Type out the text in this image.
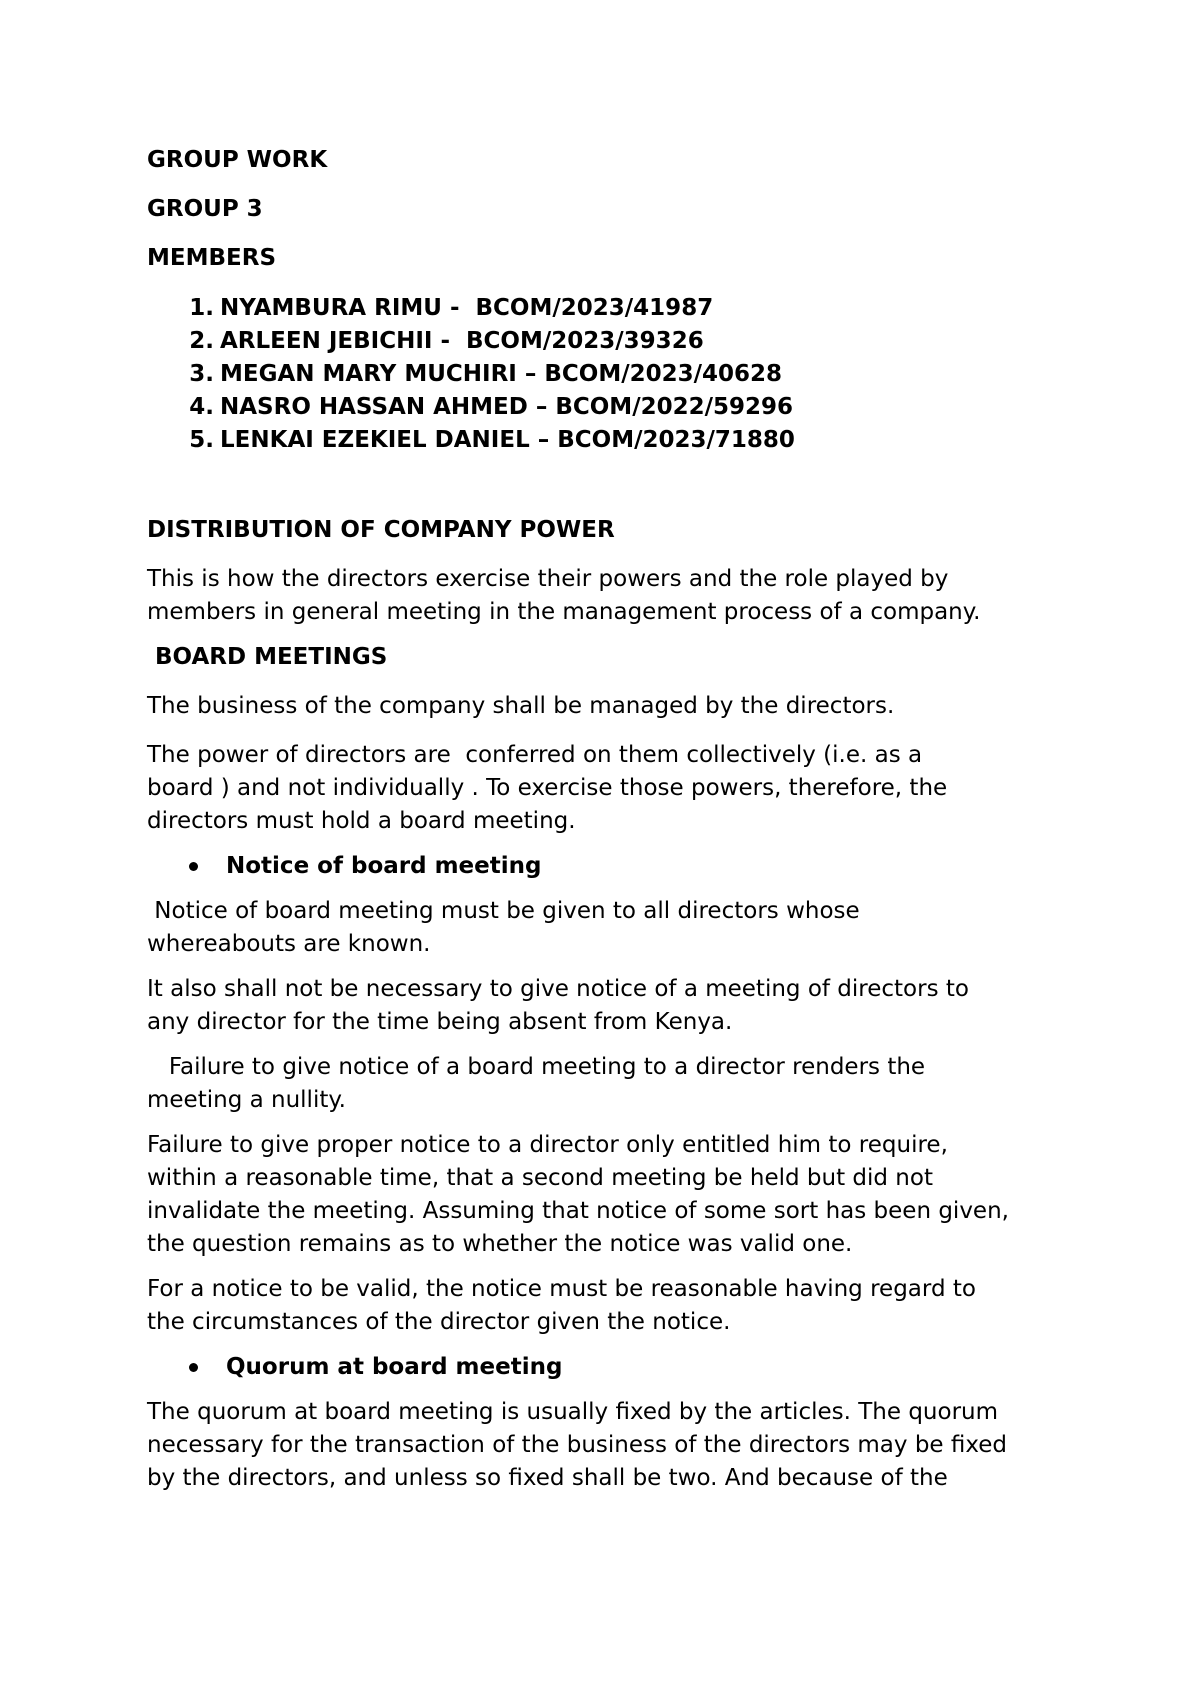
GROUP WORK

GROUP 3

MEMBERS

1. NYAMBURA RIMU -  BCOM/2023/41987
2. ARLEEN JEBICHII -  BCOM/2023/39326
3. MEGAN MARY MUCHIRI – BCOM/2023/40628
4. NASRO HASSAN AHMED – BCOM/2022/59296
5. LENKAI EZEKIEL DANIEL – BCOM/2023/71880

DISTRIBUTION OF COMPANY POWER

This is how the directors exercise their powers and the role played by

members in general meeting in the management process of a company.

BOARD MEETINGS

The business of the company shall be managed by the directors.

The power of directors are  conferred on them collectively (i.e. as a

board ) and not individually . To exercise those powers, therefore, the

directors must hold a board meeting.

Notice of board meeting

Notice of board meeting must be given to all directors whose

whereabouts are known.

It also shall not be necessary to give notice of a meeting of directors to

any director for the time being absent from Kenya.

Failure to give notice of a board meeting to a director renders the

meeting a nullity.

Failure to give proper notice to a director only entitled him to require,

within a reasonable time, that a second meeting be held but did not

invalidate the meeting. Assuming that notice of some sort has been given,

the question remains as to whether the notice was valid one.

For a notice to be valid, the notice must be reasonable having regard to

the circumstances of the director given the notice.

Quorum at board meeting

The quorum at board meeting is usually fixed by the articles. The quorum

necessary for the transaction of the business of the directors may be fixed

by the directors, and unless so fixed shall be two. And because of the
